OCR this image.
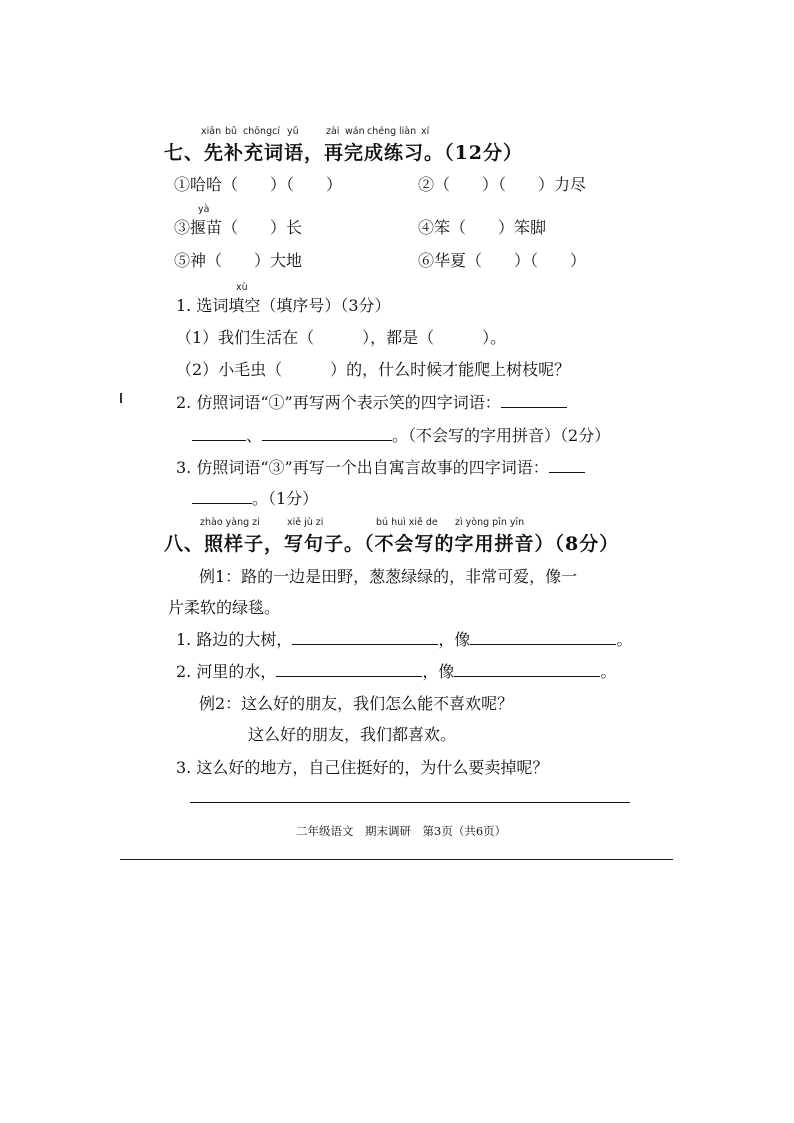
xiān bǔ chōngcí yǔ	zài wán chéng liàn xí
七、先补充词语，再完成练习。（12分）
①哈哈（　　）（　　）	②（　　）（　　）力尽
yà
③揠苗（　　）长	④笨（　　）笨脚
⑤神（　　）大地	⑥华夏（　　）（　　）
xù
1. 选词填空（填序号）（3分）
（1）我们生活在（　　　），都是（　　　）。
（2）小毛虫（　　　）的，什么时候才能爬上树枝呢？
2. 仿照词语“①”再写两个表示笑的四字词语：
、	。（不会写的字用拼音）（2分）
3. 仿照词语“③”再写一个出自寓言故事的四字词语：
。（1分）
zhào yàng zi	xiě jù zi	bú huì xiě de zì yòng pīn yīn
八、照样子，写句子。（不会写的字用拼音）（8分）
例1：路的一边是田野，葱葱绿绿的，非常可爱，像一
片柔软的绿毯。
1. 路边的大树，	，像	。
2. 河里的水，	，像	。
例2：这么好的朋友，我们怎么能不喜欢呢？
这么好的朋友，我们都喜欢。
3. 这么好的地方，自己住挺好的，为什么要卖掉呢？
二年级语文　期末调研　第3页（共6页）
